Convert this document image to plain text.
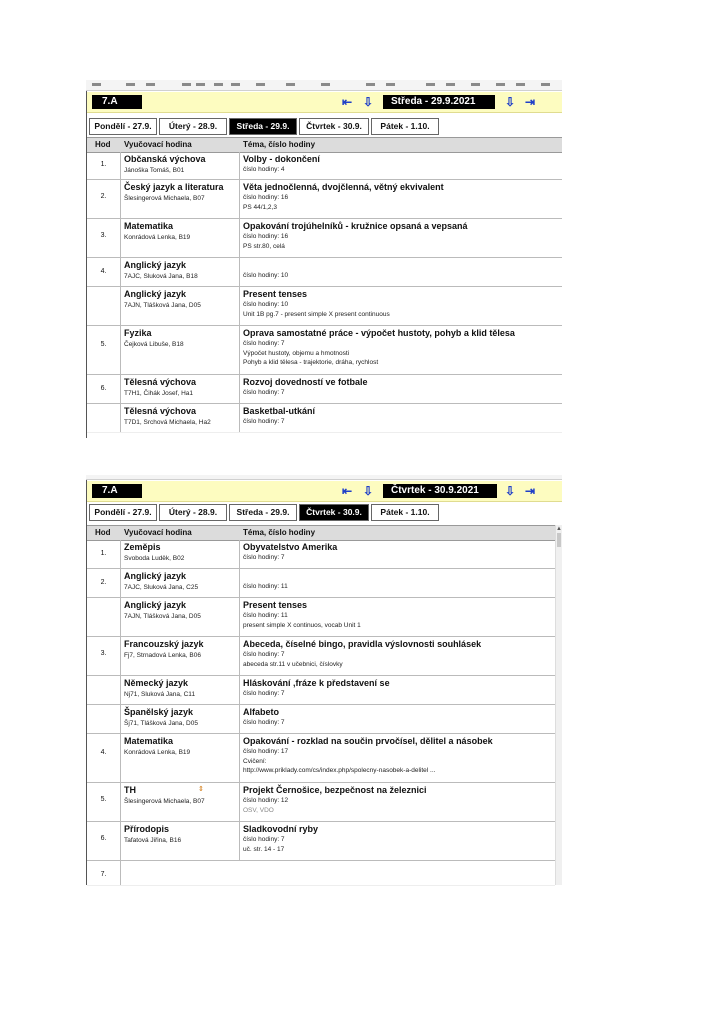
7.A	⇤ ⇩	Středa - 29.9.2021	⇩ ⇥
Pondělí - 27.9.	Úterý - 28.9.	Středa - 29.9.	Čtvrtek - 30.9.	Pátek - 1.10.
Hod Vyučovací hodina	Téma, číslo hodiny
1.
Občanská výchova
Jánoška Tomáš, B01
Volby - dokončení
číslo hodiny: 4
2.
Český jazyk a literatura
Šlesingerová Michaela, B07
Věta jednočlenná, dvojčlenná, větný ekvivalent
číslo hodiny: 16
PS 44/1,2,3
3.
Matematika
Konrádová Lenka, B19
Opakování trojúhelníků - kružnice opsaná a vepsaná
číslo hodiny: 16
PS str.80, celá
4.
Anglický jazyk
7AJC, Sluková Jana, B18	číslo hodiny: 10
Anglický jazyk
7AJN, Tlášková Jana, D05
Present tenses
číslo hodiny: 10
Unit 1B pg.7 - present simple X present continuous
5.
Fyzika
Čejková Libuše, B18
Oprava samostatné práce - výpočet hustoty, pohyb a klid tělesa
číslo hodiny: 7
Výpočet hustoty, objemu a hmotnosti
Pohyb a klid tělesa - trajektorie, dráha, rychlost
6.
Tělesná výchova
T7H1, Čihák Josef, Ha1
Rozvoj dovedností ve fotbale
číslo hodiny: 7
Tělesná výchova
T7D1, Srchová Michaela, Ha2
Basketbal-utkání
číslo hodiny: 7
7.A	⇤ ⇩	Čtvrtek - 30.9.2021	⇩ ⇥
Pondělí - 27.9.	Úterý - 28.9.	Středa - 29.9.	Čtvrtek - 30.9.	Pátek - 1.10.
Hod Vyučovací hodina	Téma, číslo hodiny	▲
1.
Zeměpis
Svoboda Luděk, B02
Obyvatelstvo Amerika
číslo hodiny: 7
2.
Anglický jazyk
7AJC, Sluková Jana, C25	číslo hodiny: 11
Anglický jazyk
7AJN, Tlášková Jana, D05
Present tenses
číslo hodiny: 11
present simple X continuos, vocab Unit 1
3.
Francouzský jazyk
Fj7, Strnadová Lenka, B06
Abeceda, číselné bingo, pravidla výslovnosti souhlásek
číslo hodiny: 7
abeceda str.11 v učebnici, číslovky
Německý jazyk
Nj71, Sluková Jana, C11
Hláskování ,fráze k představení se
číslo hodiny: 7
Španělský jazyk
Šj71, Tlášková Jana, D05
Alfabeto
číslo hodiny: 7
4.
Matematika
Konrádová Lenka, B19
Opakování - rozklad na součin prvočísel, dělitel a násobek
číslo hodiny: 17
Cvičení:
http://www.priklady.com/cs/index.php/spolecny-nasobek-a-delitel ...
5.
TH
Šlesingerová Michaela, B07
⇕	Projekt Černošice, bezpečnost na železnici
číslo hodiny: 12
OSV, VDO
6.
Přírodopis
Tafatová Jiřina, B16
Sladkovodní ryby
číslo hodiny: 7
uč. str. 14 - 17
7.
